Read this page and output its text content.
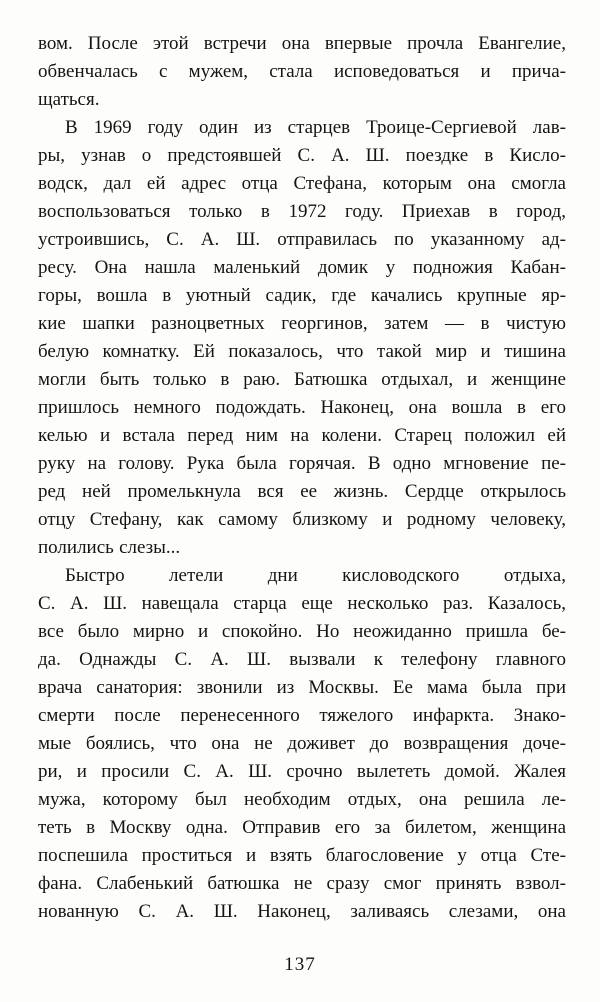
вом. После этой встречи она впервые прочла Евангелие,
обвенчалась с мужем, стала исповедоваться и прича-
щаться.
В 1969 году один из старцев Троице-Сергиевой лав-
ры, узнав о предстоявшей С. А. Ш. поездке в Кисло-
водск, дал ей адрес отца Стефана, которым она смогла
воспользоваться только в 1972 году. Приехав в город,
устроившись, С. А. Ш. отправилась по указанному ад-
ресу. Она нашла маленький домик у подножия Кабан-
горы, вошла в уютный садик, где качались крупные яр-
кие шапки разноцветных георгинов, затем — в чистую
белую комнатку. Ей показалось, что такой мир и тишина
могли быть только в раю. Батюшка отдыхал, и женщине
пришлось немного подождать. Наконец, она вошла в его
келью и встала перед ним на колени. Старец положил ей
руку на голову. Рука была горячая. В одно мгновение пе-
ред ней промелькнула вся ее жизнь. Сердце открылось
отцу Стефану, как самому близкому и родному человеку,
полились слезы...
Быстро летели дни кисловодского отдыха,
С. А. Ш. навещала старца еще несколько раз. Казалось,
все было мирно и спокойно. Но неожиданно пришла бе-
да. Однажды С. А. Ш. вызвали к телефону главного
врача санатория: звонили из Москвы. Ее мама была при
смерти после перенесенного тяжелого инфаркта. Знако-
мые боялись, что она не доживет до возвращения доче-
ри, и просили С. А. Ш. срочно вылететь домой. Жалея
мужа, которому был необходим отдых, она решила ле-
теть в Москву одна. Отправив его за билетом, женщина
поспешила проститься и взять благословение у отца Сте-
фана. Слабенький батюшка не сразу смог принять взвол-
нованную С. А. Ш. Наконец, заливаясь слезами, она
137
